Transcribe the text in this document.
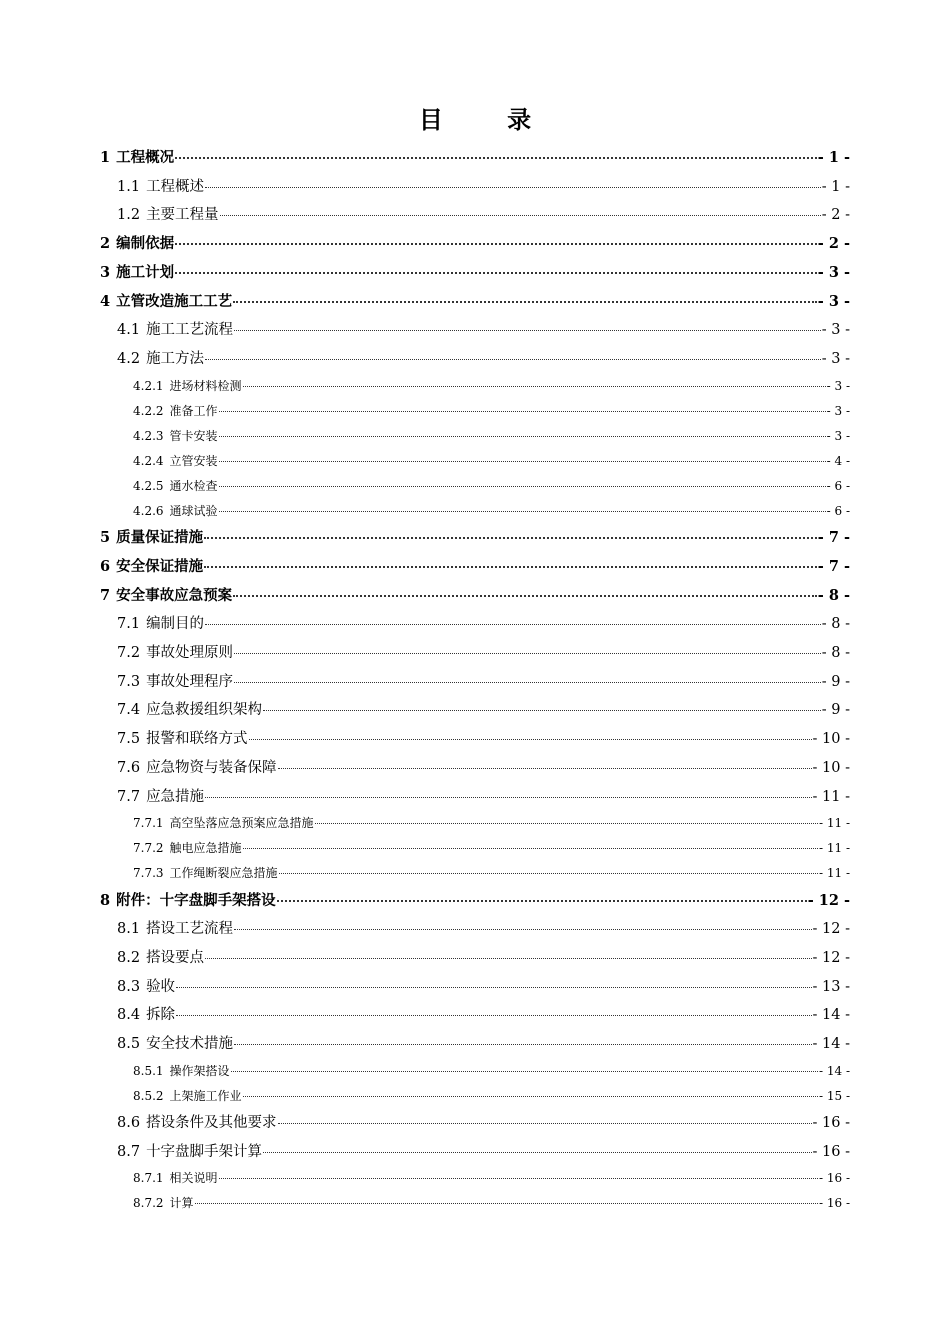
目 录
1 工程概况	- 1 -
1.1 工程概述	- 1 -
1.2 主要工程量	- 2 -
2 编制依据	- 2 -
3 施工计划	- 3 -
4 立管改造施工工艺	- 3 -
4.1 施工工艺流程	- 3 -
4.2 施工方法	- 3 -
4.2.1 进场材料检测	- 3 -
4.2.2 准备工作	- 3 -
4.2.3 管卡安装	- 3 -
4.2.4 立管安装	- 4 -
4.2.5 通水检查	- 6 -
4.2.6 通球试验	- 6 -
5 质量保证措施	- 7 -
6 安全保证措施	- 7 -
7 安全事故应急预案	- 8 -
7.1 编制目的	- 8 -
7.2 事故处理原则	- 8 -
7.3 事故处理程序	- 9 -
7.4 应急救援组织架构	- 9 -
7.5 报警和联络方式	- 10 -
7.6 应急物资与装备保障	- 10 -
7.7 应急措施	- 11 -
7.7.1 高空坠落应急预案应急措施	- 11 -
7.7.2 触电应急措施	- 11 -
7.7.3 工作绳断裂应急措施	- 11 -
8 附件：十字盘脚手架搭设	- 12 -
8.1 搭设工艺流程	- 12 -
8.2 搭设要点	- 12 -
8.3 验收	- 13 -
8.4 拆除	- 14 -
8.5 安全技术措施	- 14 -
8.5.1 操作架搭设	- 14 -
8.5.2 上架施工作业	- 15 -
8.6 搭设条件及其他要求	- 16 -
8.7 十字盘脚手架计算	- 16 -
8.7.1 相关说明	- 16 -
8.7.2 计算	- 16 -
